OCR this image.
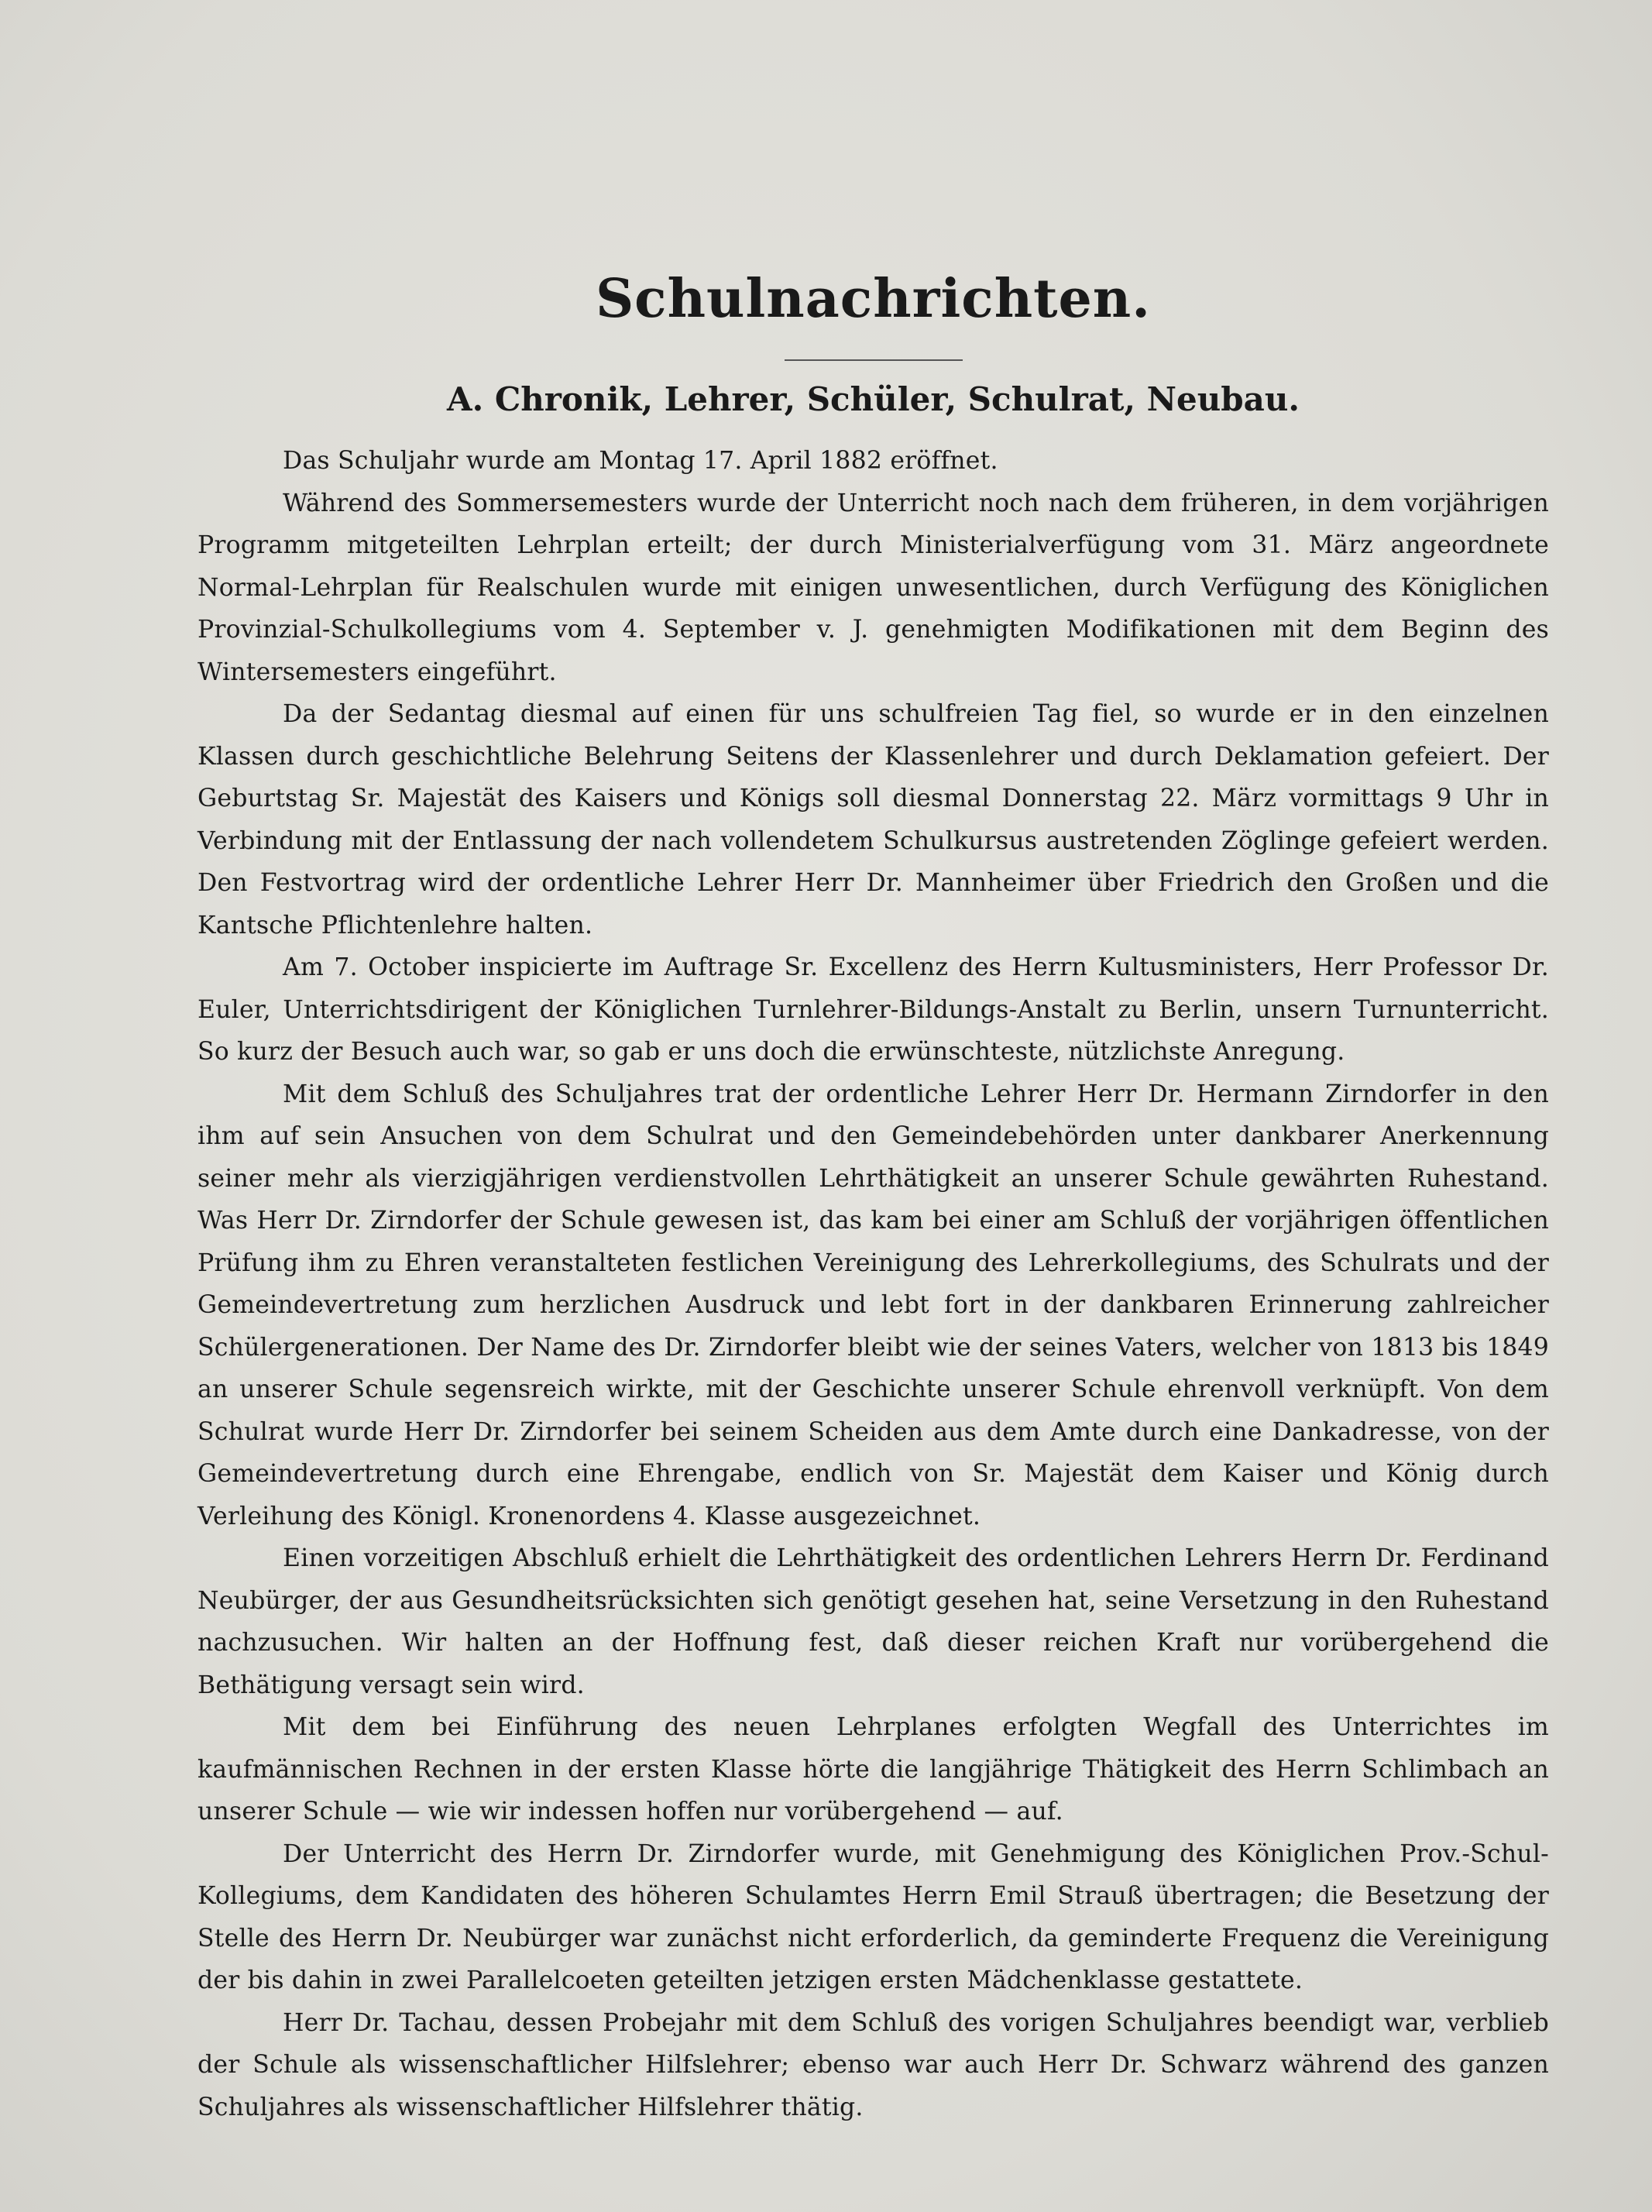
Schulnachrichten.
A. Chronik, Lehrer, Schüler, Schulrat, Neubau.

Das Schuljahr wurde am Montag 17. April 1882 eröffnet.

Während des Sommersemesters wurde der Unterricht noch nach dem früheren, in dem vorjährigen Programm mitgeteilten Lehrplan erteilt; der durch Ministerialverfügung vom 31. März angeordnete Normal-Lehrplan für Realschulen wurde mit einigen unwesentlichen, durch Verfügung des Königlichen Provinzial-Schulkollegiums vom 4. September v. J. genehmigten Modifikationen mit dem Beginn des Wintersemesters eingeführt.

Da der Sedantag diesmal auf einen für uns schulfreien Tag fiel, so wurde er in den einzelnen Klassen durch geschichtliche Belehrung Seitens der Klassenlehrer und durch Deklamation gefeiert. Der Geburtstag Sr. Majestät des Kaisers und Königs soll diesmal Donnerstag 22. März vormittags 9 Uhr in Verbindung mit der Entlassung der nach vollendetem Schulkursus austretenden Zöglinge gefeiert werden. Den Festvortrag wird der ordentliche Lehrer Herr Dr. Mannheimer über Friedrich den Großen und die Kantsche Pflichtenlehre halten.

Am 7. October inspicierte im Auftrage Sr. Excellenz des Herrn Kultusministers, Herr Professor Dr. Euler, Unterrichtsdirigent der Königlichen Turnlehrer-Bildungs-Anstalt zu Berlin, unsern Turnunterricht. So kurz der Besuch auch war, so gab er uns doch die erwünschteste, nützlichste Anregung.

Mit dem Schluß des Schuljahres trat der ordentliche Lehrer Herr Dr. Hermann Zirndorfer in den ihm auf sein Ansuchen von dem Schulrat und den Gemeindebehörden unter dankbarer Anerkennung seiner mehr als vierzigjährigen verdienstvollen Lehrthätigkeit an unserer Schule gewährten Ruhestand. Was Herr Dr. Zirndorfer der Schule gewesen ist, das kam bei einer am Schluß der vorjährigen öffentlichen Prüfung ihm zu Ehren veranstalteten festlichen Vereinigung des Lehrerkollegiums, des Schulrats und der Gemeindevertretung zum herzlichen Ausdruck und lebt fort in der dankbaren Erinnerung zahlreicher Schülergenerationen. Der Name des Dr. Zirndorfer bleibt wie der seines Vaters, welcher von 1813 bis 1849 an unserer Schule segensreich wirkte, mit der Geschichte unserer Schule ehrenvoll verknüpft. Von dem Schulrat wurde Herr Dr. Zirndorfer bei seinem Scheiden aus dem Amte durch eine Dankadresse, von der Gemeindevertretung durch eine Ehrengabe, endlich von Sr. Majestät dem Kaiser und König durch Verleihung des Königl. Kronenordens 4. Klasse ausgezeichnet.

Einen vorzeitigen Abschluß erhielt die Lehrthätigkeit des ordentlichen Lehrers Herrn Dr. Ferdinand Neubürger, der aus Gesundheitsrücksichten sich genötigt gesehen hat, seine Versetzung in den Ruhestand nachzusuchen. Wir halten an der Hoffnung fest, daß dieser reichen Kraft nur vorübergehend die Bethätigung versagt sein wird.

Mit dem bei Einführung des neuen Lehrplanes erfolgten Wegfall des Unterrichtes im kaufmännischen Rechnen in der ersten Klasse hörte die langjährige Thätigkeit des Herrn Schlimbach an unserer Schule — wie wir indessen hoffen nur vorübergehend — auf.

Der Unterricht des Herrn Dr. Zirndorfer wurde, mit Genehmigung des Königlichen Prov.-Schul-Kollegiums, dem Kandidaten des höheren Schulamtes Herrn Emil Strauß übertragen; die Besetzung der Stelle des Herrn Dr. Neubürger war zunächst nicht erforderlich, da geminderte Frequenz die Vereinigung der bis dahin in zwei Parallelcoeten geteilten jetzigen ersten Mädchenklasse gestattete.

Herr Dr. Tachau, dessen Probejahr mit dem Schluß des vorigen Schuljahres beendigt war, verblieb der Schule als wissenschaftlicher Hilfslehrer; ebenso war auch Herr Dr. Schwarz während des ganzen Schuljahres als wissenschaftlicher Hilfslehrer thätig.
